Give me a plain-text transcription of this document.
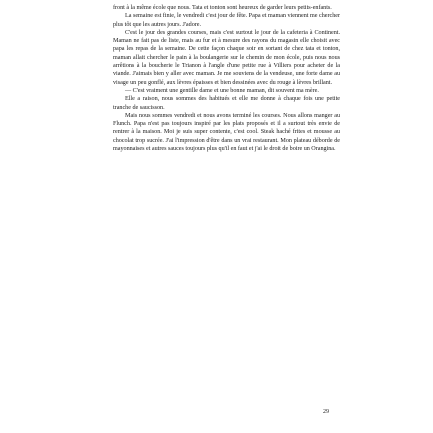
front à la même école que nous. Tata et tonton sont heureux de garder leurs petits-enfants.

La semaine est finie, le vendredi c'est jour de fête. Papa et maman viennent me chercher plus tôt que les autres jours. J'adore.

C'est le jour des grandes courses, mais c'est surtout le jour de la cafeteria à Continent. Maman ne fait pas de liste, mais au fur et à mesure des rayons du magasin elle choisit avec papa les repas de la semaine. De cette façon chaque soir en sortant de chez tata et tonton, maman allait chercher le pain à la boulangerie sur le chemin de mon école, puis nous nous arrêtions à la boucherie le Trianon à l'angle d'une petite rue à Villiers pour acheter de la viande. J'aimais bien y aller avec maman. Je me souviens de la vendeuse, une forte dame au visage un peu gonflé, aux lèvres épaisses et bien dessinées avec du rouge à lèvres brillant.

— C'est vraiment une gentille dame et une bonne maman, dit souvent ma mère.

Elle a raison, nous sommes des habitués et elle me donne à chaque fois une petite tranche de saucisson.

Mais nous sommes vendredi et nous avons terminé les courses. Nous allons manger au Flunch. Papa n'est pas toujours inspiré par les plats proposés et il a surtout très envie de rentrer à la maison. Moi je suis super contente, c'est cool. Steak haché frites et mousse au chocolat trop sucrée. J'ai l'impression d'être dans un vrai restaurant. Mon plateau déborde de mayonnaises et autres sauces toujours plus qu'il en faut et j'ai le droit de boire un Orangina.

29
